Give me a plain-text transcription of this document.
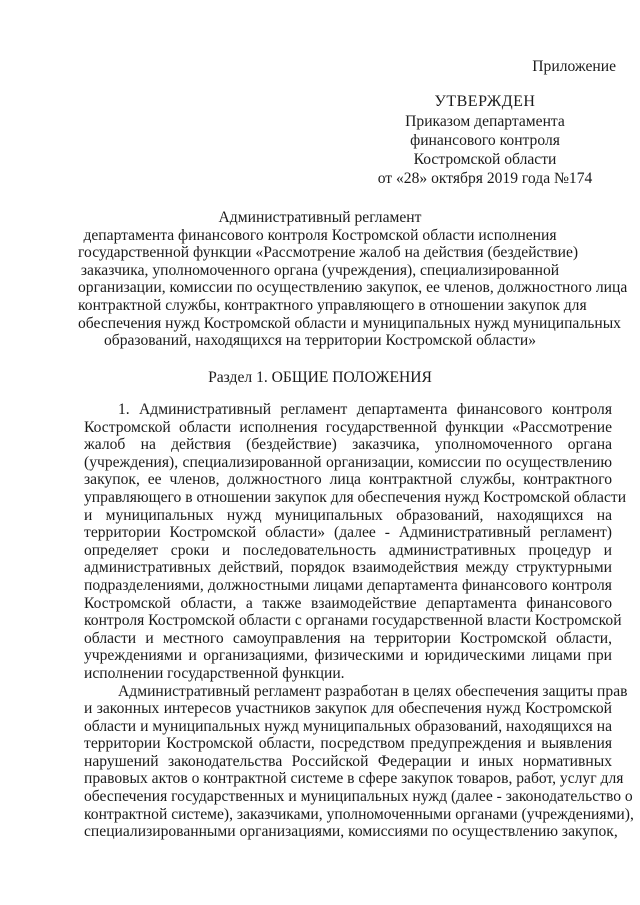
Приложение
УТВЕРЖДЕН
Приказом департамента
финансового контроля
Костромской области
от «28» октября 2019 года №174
Административный регламент
департамента финансового контроля Костромской области исполнения
государственной функции «Рассмотрение жалоб на действия (бездействие)
заказчика, уполномоченного органа (учреждения), специализированной
организации, комиссии по осуществлению закупок, ее членов, должностного лица
контрактной службы, контрактного управляющего в отношении закупок для
обеспечения нужд Костромской области и муниципальных нужд муниципальных
образований, находящихся на территории Костромской области»
Раздел 1. ОБЩИЕ ПОЛОЖЕНИЯ
1. Административный регламент департамента финансового контроля
Костромской области исполнения государственной функции «Рассмотрение
жалоб на действия (бездействие) заказчика, уполномоченного органа
(учреждения), специализированной организации, комиссии по осуществлению
закупок, ее членов, должностного лица контрактной службы, контрактного
управляющего в отношении закупок для обеспечения нужд Костромской области
и муниципальных нужд муниципальных образований, находящихся на
территории Костромской области» (далее - Административный регламент)
определяет сроки и последовательность административных процедур и
административных действий, порядок взаимодействия между структурными
подразделениями, должностными лицами департамента финансового контроля
Костромской области, а также взаимодействие департамента финансового
контроля Костромской области с органами государственной власти Костромской
области и местного самоуправления на территории Костромской области,
учреждениями и организациями, физическими и юридическими лицами при
исполнении государственной функции.
Административный регламент разработан в целях обеспечения защиты прав
и законных интересов участников закупок для обеспечения нужд Костромской
области и муниципальных нужд муниципальных образований, находящихся на
территории Костромской области, посредством предупреждения и выявления
нарушений законодательства Российской Федерации и иных нормативных
правовых актов о контрактной системе в сфере закупок товаров, работ, услуг для
обеспечения государственных и муниципальных нужд (далее - законодательство о
контрактной системе), заказчиками, уполномоченными органами (учреждениями),
специализированными организациями, комиссиями по осуществлению закупок,
